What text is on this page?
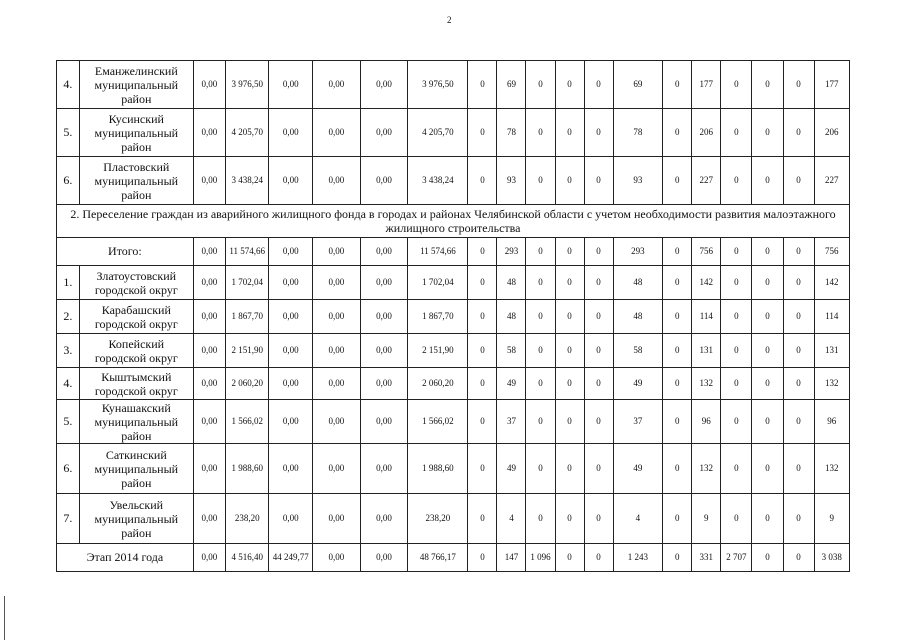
2
4.	Еманжелинский муниципальный район	0,00	3 976,50	0,00	0,00	0,00	3 976,50	0	69	0	0	0	69	0	177	0	0	0	177
5.	Кусинский муниципальный район	0,00	4 205,70	0,00	0,00	0,00	4 205,70	0	78	0	0	0	78	0	206	0	0	0	206
6.	Пластовский муниципальный район	0,00	3 438,24	0,00	0,00	0,00	3 438,24	0	93	0	0	0	93	0	227	0	0	0	227
2. Переселение граждан из аварийного жилищного фонда в городах и районах Челябинской области с учетом необходимости развития малоэтажного жилищного строительства																			
Итого:		0,00	11 574,66	0,00	0,00	0,00	11 574,66	0	293	0	0	0	293	0	756	0	0	0	756
1.	Златоустовский городской округ	0,00	1 702,04	0,00	0,00	0,00	1 702,04	0	48	0	0	0	48	0	142	0	0	0	142
2.	Карабашский городской округ	0,00	1 867,70	0,00	0,00	0,00	1 867,70	0	48	0	0	0	48	0	114	0	0	0	114
3.	Копейский городской округ	0,00	2 151,90	0,00	0,00	0,00	2 151,90	0	58	0	0	0	58	0	131	0	0	0	131
4.	Кыштымский городской округ	0,00	2 060,20	0,00	0,00	0,00	2 060,20	0	49	0	0	0	49	0	132	0	0	0	132
5.	Кунашакский муниципальный район	0,00	1 566,02	0,00	0,00	0,00	1 566,02	0	37	0	0	0	37	0	96	0	0	0	96
6.	Саткинский муниципальный район	0,00	1 988,60	0,00	0,00	0,00	1 988,60	0	49	0	0	0	49	0	132	0	0	0	132
7.	Увельский муниципальный район	0,00	238,20	0,00	0,00	0,00	238,20	0	4	0	0	0	4	0	9	0	0	0	9
Этап 2014 года		0,00	4 516,40	44 249,77	0,00	0,00	48 766,17	0	147	1 096	0	0	1 243	0	331	2 707	0	0	3 038
